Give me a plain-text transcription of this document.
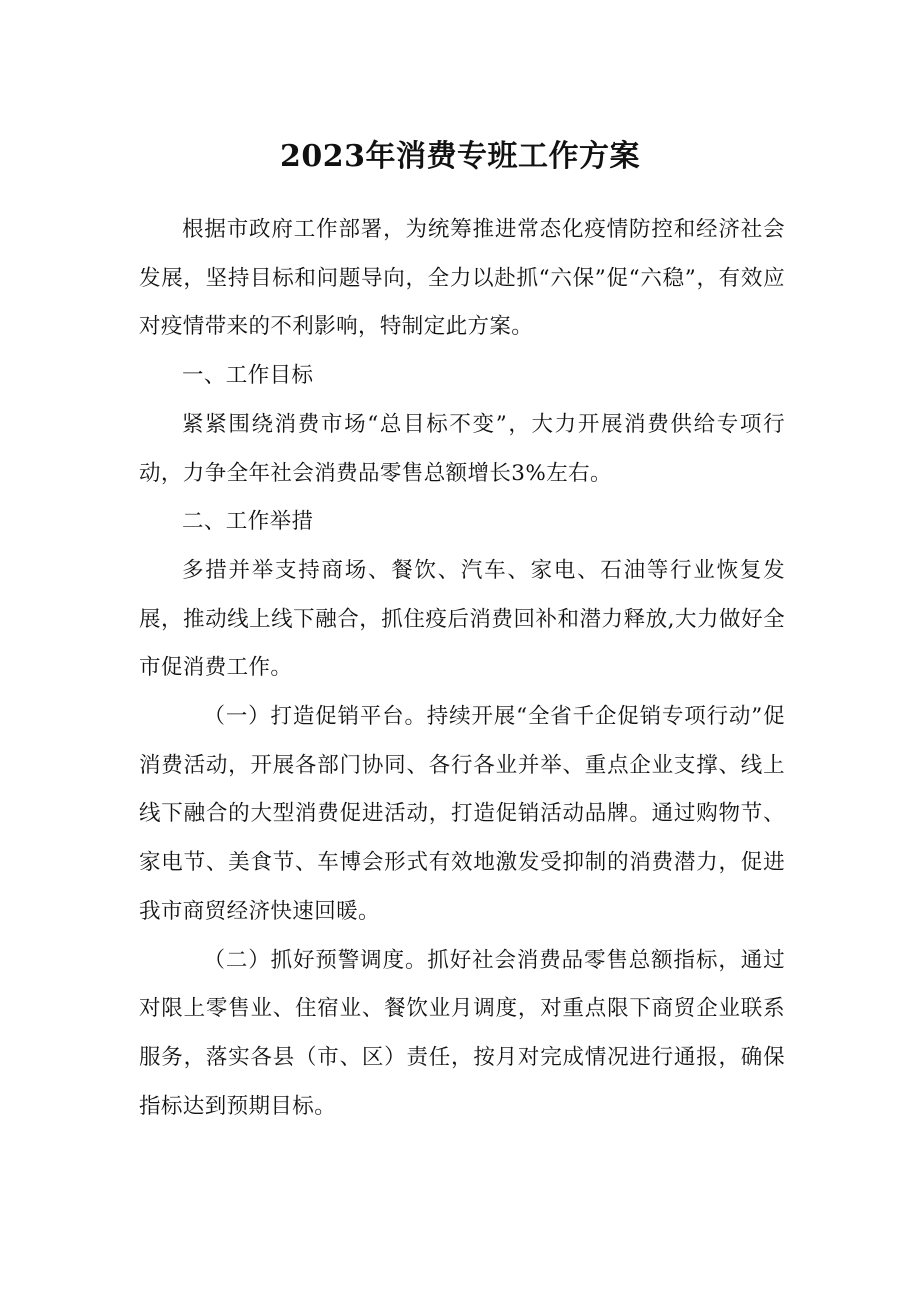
2023年消费专班工作方案

根据市政府工作部署，为统筹推进常态化疫情防控和经济社会发展，坚持目标和问题导向，全力以赴抓“六保”促“六稳”，有效应对疫情带来的不利影响，特制定此方案。

一、工作目标

紧紧围绕消费市场“总目标不变”，大力开展消费供给专项行动，力争全年社会消费品零售总额增长3%左右。

二、工作举措

多措并举支持商场、餐饮、汽车、家电、石油等行业恢复发展，推动线上线下融合，抓住疫后消费回补和潜力释放,大力做好全市促消费工作。

（一）打造促销平台。持续开展“全省千企促销专项行动”促消费活动，开展各部门协同、各行各业并举、重点企业支撑、线上线下融合的大型消费促进活动，打造促销活动品牌。通过购物节、家电节、美食节、车博会形式有效地激发受抑制的消费潜力，促进我市商贸经济快速回暖。

（二）抓好预警调度。抓好社会消费品零售总额指标，通过对限上零售业、住宿业、餐饮业月调度，对重点限下商贸企业联系服务，落实各县（市、区）责任，按月对完成情况进行通报，确保指标达到预期目标。
